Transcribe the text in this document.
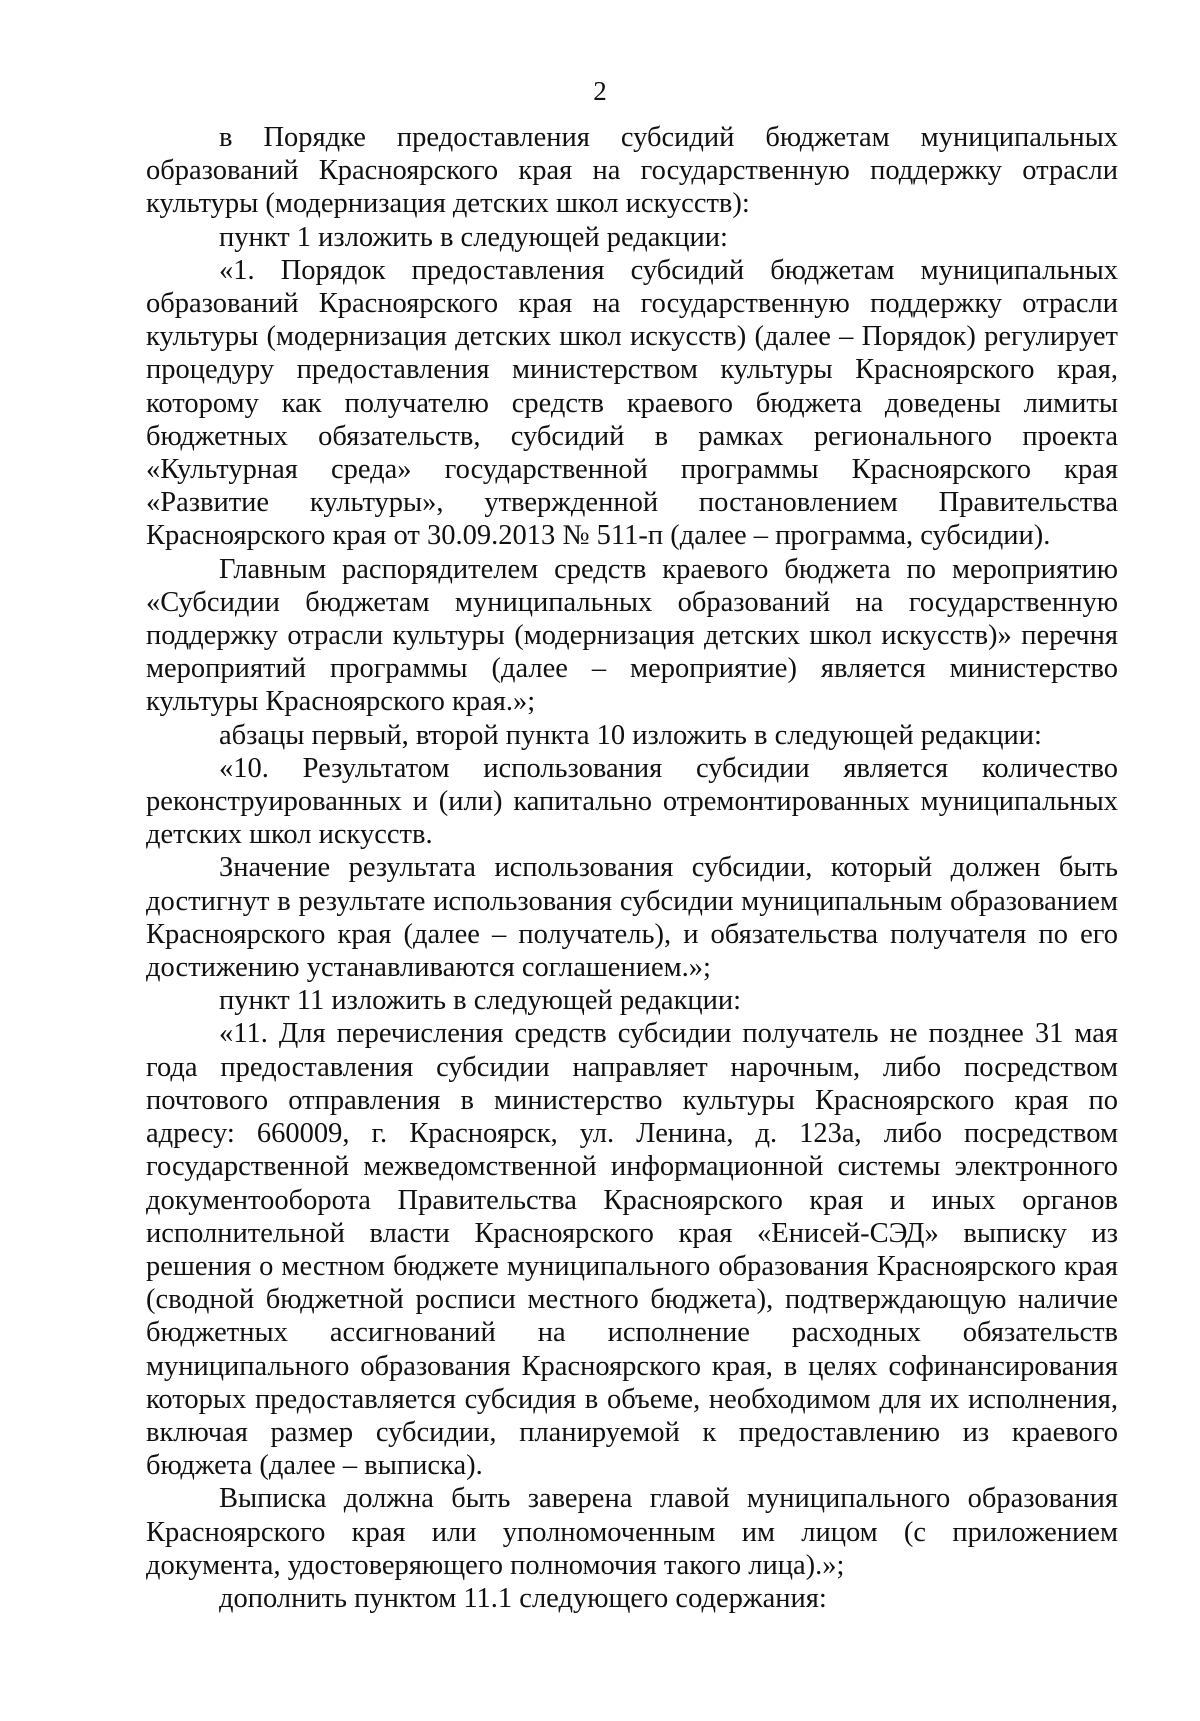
2

в Порядке предоставления субсидий бюджетам муниципальных образований Красноярского края на государственную поддержку отрасли культуры (модернизация детских школ искусств):

пункт 1 изложить в следующей редакции:

«1. Порядок предоставления субсидий бюджетам муниципальных образований Красноярского края на государственную поддержку отрасли культуры (модернизация детских школ искусств) (далее – Порядок) регулирует процедуру предоставления министерством культуры Красноярского края, которому как получателю средств краевого бюджета доведены лимиты бюджетных обязательств, субсидий в рамках регионального проекта «Культурная среда» государственной программы Красноярского края «Развитие культуры», утвержденной постановлением Правительства Красноярского края от 30.09.2013 № 511-п (далее – программа, субсидии).

Главным распорядителем средств краевого бюджета по мероприятию «Субсидии бюджетам муниципальных образований на государственную поддержку отрасли культуры (модернизация детских школ искусств)» перечня мероприятий программы (далее – мероприятие) является министерство культуры Красноярского края.»;

абзацы первый, второй пункта 10 изложить в следующей редакции:

«10. Результатом использования субсидии является количество реконструированных и (или) капитально отремонтированных муниципальных детских школ искусств.

Значение результата использования субсидии, который должен быть достигнут в результате использования субсидии муниципальным образованием Красноярского края (далее – получатель), и обязательства получателя по его достижению устанавливаются соглашением.»;

пункт 11 изложить в следующей редакции:

«11. Для перечисления средств субсидии получатель не позднее 31 мая года предоставления субсидии направляет нарочным, либо посредством почтового отправления в министерство культуры Красноярского края по адресу: 660009, г. Красноярск, ул. Ленина, д. 123а, либо посредством государственной межведомственной информационной системы электронного документооборота Правительства Красноярского края и иных органов исполнительной власти Красноярского края «Енисей-СЭД» выписку из решения о местном бюджете муниципального образования Красноярского края (сводной бюджетной росписи местного бюджета), подтверждающую наличие бюджетных ассигнований на исполнение расходных обязательств муниципального образования Красноярского края, в целях софинансирования которых предоставляется субсидия в объеме, необходимом для их исполнения, включая размер субсидии, планируемой к предоставлению из краевого бюджета (далее – выписка).

Выписка должна быть заверена главой муниципального образования Красноярского края или уполномоченным им лицом (с приложением документа, удостоверяющего полномочия такого лица).»;

дополнить пунктом 11.1 следующего содержания:
